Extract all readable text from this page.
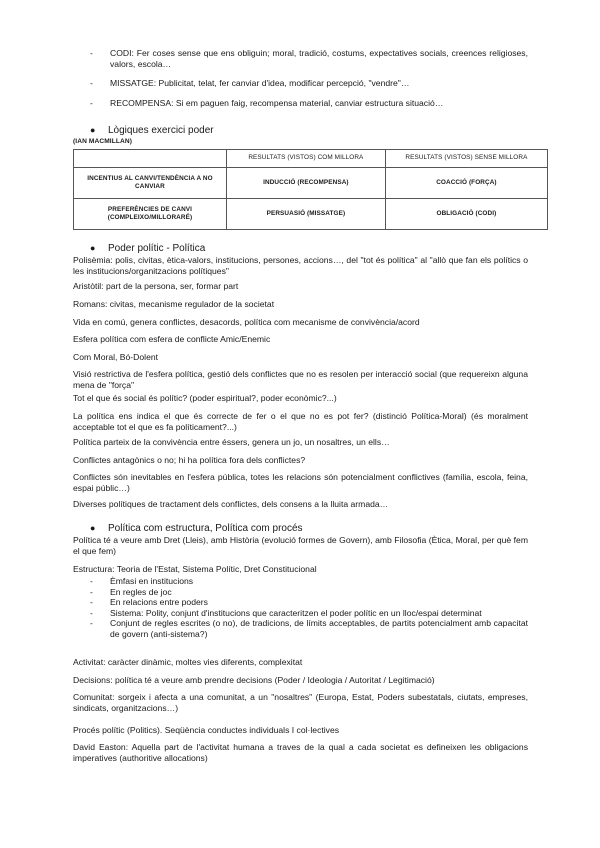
- CODI: Fer coses sense que ens obliguin; moral, tradició, costums, expectatives socials, creences religioses, valors, escola…
- MISSATGE: Publicitat, telat, fer canviar d'idea, modificar percepció, "vendre"…
- RECOMPENSA: Si em paguen faig, recompensa material, canviar estructura situació…
● Lògiques exercici poder
(IAN MACMILLAN)
	RESULTATS (VISTOS) COM MILLORA	RESULTATS (VISTOS) SENSE MILLORA
INCENTIUS AL CANVI/TENDÈNCIA A NO CANVIAR	INDUCCIÓ (RECOMPENSA)	COACCIÓ (FORÇA)
PREFERÈNCIES DE CANVI (COMPLEIXO/MILLORARÉ)	PERSUASIÓ (MISSATGE)	OBLIGACIÓ (CODI)
● Poder polític - Política
Polisèmia: polis, civitas, ètica-valors, institucions, persones, accions…, del "tot és política" al "allò que fan els polítics o les institucions/organitzacions polítiques"
Aristòtil: part de la persona, ser, formar part
Romans: civitas, mecanisme regulador de la societat
Vida en comú, genera conflictes, desacords, política com mecanisme de convivència/acord
Esfera política com esfera de conflicte Amic/Enemic
Com Moral, Bó-Dolent
Visió restrictiva de l'esfera política, gestió dels conflictes que no es resolen per interacció social (que requereixn alguna mena de "força"
Tot el que és social és polític? (poder espiritual?, poder econòmic?...)
La política ens indica el que és correcte de fer o el que no es pot fer? (distinció Política-Moral) (és moralment acceptable tot el que es fa políticament?...)
Política parteix de la convivència entre éssers, genera un jo, un nosaltres, un ells…
Conflictes antagònics o no; hi ha política fora dels conflictes?
Conflictes són inevitables en l'esfera pública, totes les relacions són potencialment conflictives (família, escola, feina, espai públic…)
Diverses polítiques de tractament dels conflictes, dels consens a la lluita armada…
● Política com estructura, Política com procés
Política té a veure amb Dret (Lleis), amb Història (evolució formes de Govern), amb Filosofia (Ètica, Moral, per què fem el que fem)
Estructura: Teoria de l'Estat, Sistema Polític, Dret Constitucional
- Èmfasi en institucions
- En regles de joc
- En relacions entre poders
- Sistema: Polity, conjunt d'institucions que caracteritzen el poder polític en un lloc/espai determinat
- Conjunt de regles escrites (o no), de tradicions, de límits acceptables, de partits potencialment amb capacitat de govern (anti-sistema?)
Activitat: caràcter dinàmic, moltes vies diferents, complexitat
Decisions: política té a veure amb prendre decisions (Poder / Ideologia / Autoritat / Legitimació)
Comunitat: sorgeix i afecta a una comunitat, a un "nosaltres" (Europa, Estat, Poders subestatals, ciutats, empreses, sindicats, organitzacions…)
Procés polític (Politics). Seqüència conductes individuals I col·lectives
David Easton: Aquella part de l'activitat humana a traves de la qual a cada societat es defineixen les obligacions imperatives (authoritive allocations)
